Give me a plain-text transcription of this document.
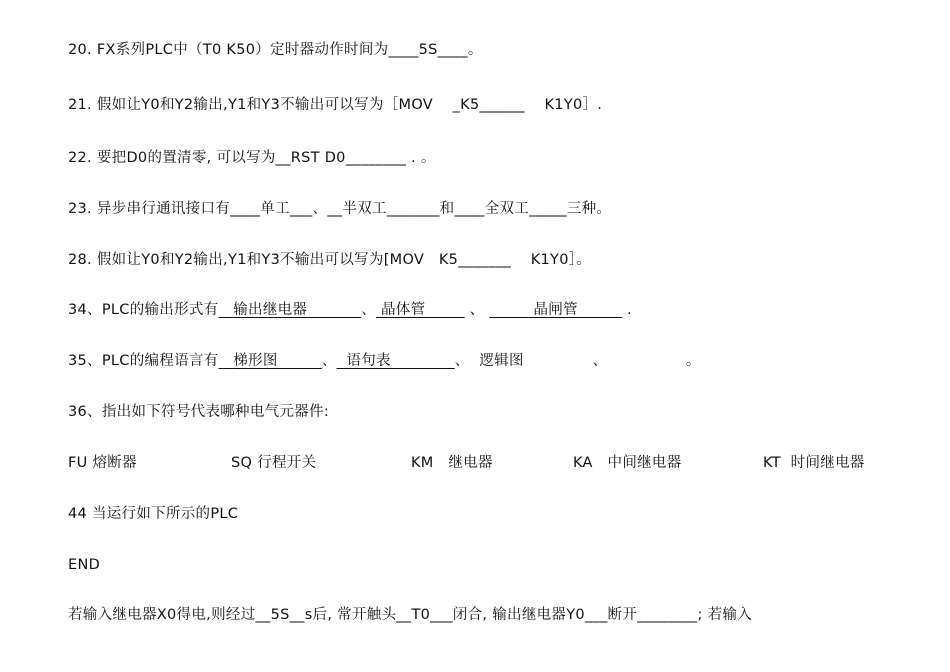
20. FX系列PLC中（T0 K50）定时器动作时间为____5S____。
21. 假如让Y0和Y2输出,Y1和Y3不输出可以写为［MOV    _K5______    K1Y0］.
22. 要把D0的置清零, 可以写为__RST D0________ . 。
23. 异步串行通讯接口有____单工___、__半双工_______和____全双工_____三种。
28. 假如让Y0和Y2输出,Y1和Y3不输出可以写为[MOV   K5_______    K1Y0］。
34、PLC的输出形式有 输出继电器	、 晶体管	、	晶闸管	.
35、PLC的编程语言有 梯形图	、 语句表	、 逻辑图	、	。
36、指出如下符号代表哪种电气元器件:
FU 熔断器	SQ 行程开关	KM 继电器	KA 中间继电器	KT 时间继电器
44 当运行如下所示的PLC
END
若输入继电器X0得电,则经过__5S__s后, 常开触头__T0___闭合, 输出继电器Y0___断开________; 若输入
